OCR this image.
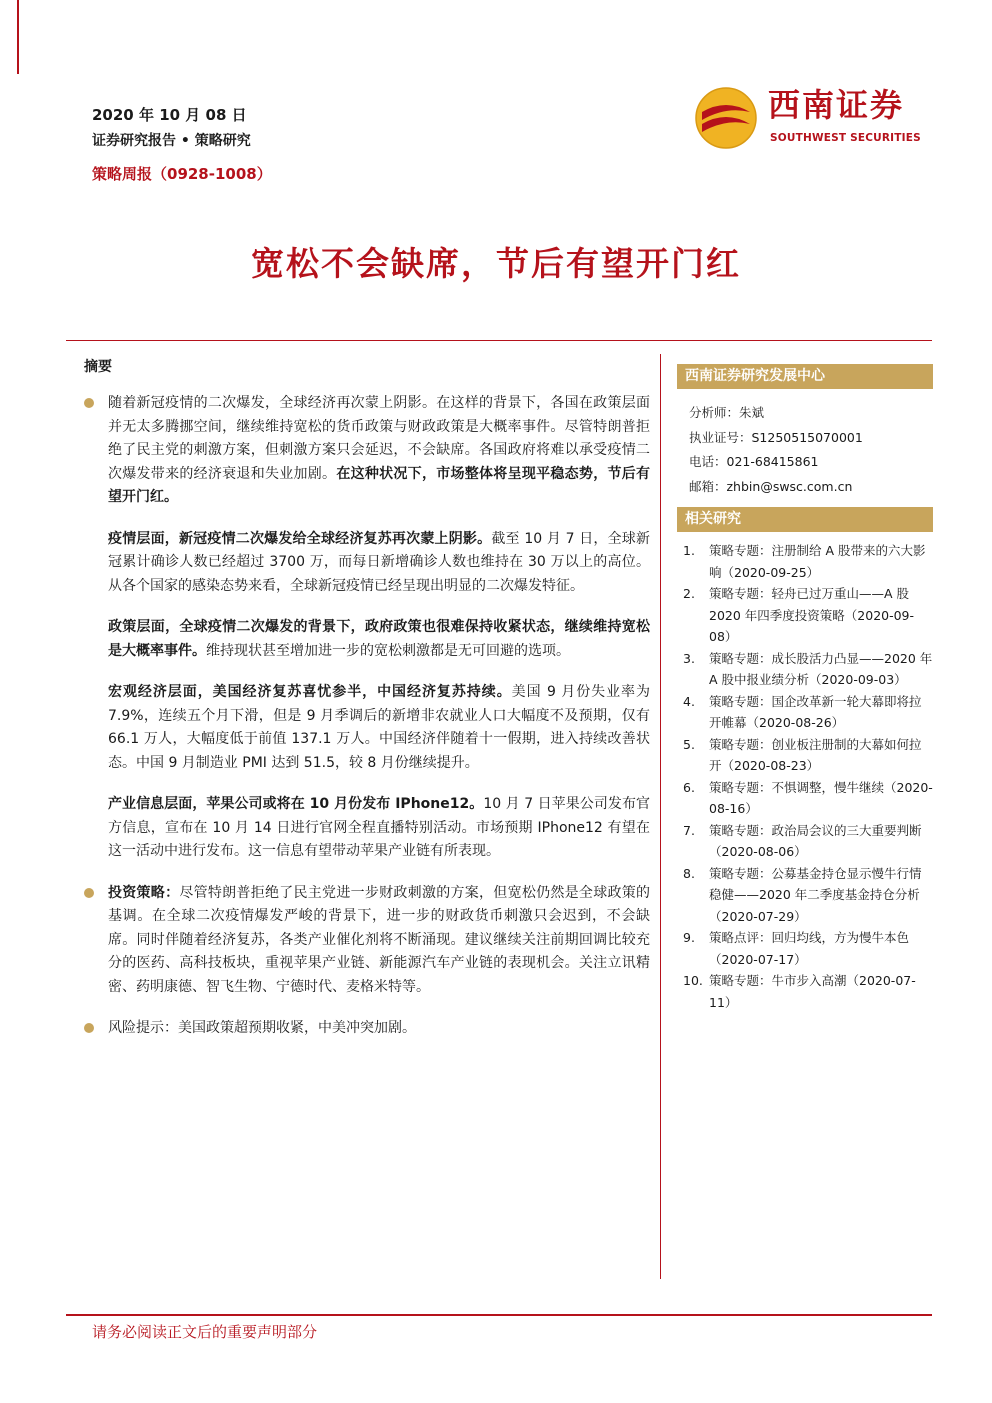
2020 年 10 月 08 日
证券研究报告 • 策略研究
策略周报（0928-1008）
西南证券
SOUTHWEST SECURITIES
宽松不会缺席，节后有望开门红
摘要
随着新冠疫情的二次爆发，全球经济再次蒙上阴影。在这样的背景下，各国在政策层面并无太多腾挪空间，继续维持宽松的货币政策与财政政策是大概率事件。尽管特朗普拒绝了民主党的刺激方案，但刺激方案只会延迟，不会缺席。各国政府将难以承受疫情二次爆发带来的经济衰退和失业加剧。在这种状况下，市场整体将呈现平稳态势，节后有望开门红。
疫情层面，新冠疫情二次爆发给全球经济复苏再次蒙上阴影。截至 10 月 7 日，全球新冠累计确诊人数已经超过 3700 万，而每日新增确诊人数也维持在 30 万以上的高位。从各个国家的感染态势来看，全球新冠疫情已经呈现出明显的二次爆发特征。
政策层面，全球疫情二次爆发的背景下，政府政策也很难保持收紧状态，继续维持宽松是大概率事件。维持现状甚至增加进一步的宽松刺激都是无可回避的选项。
宏观经济层面，美国经济复苏喜忧参半，中国经济复苏持续。美国 9 月份失业率为 7.9%，连续五个月下滑，但是 9 月季调后的新增非农就业人口大幅度不及预期，仅有 66.1 万人，大幅度低于前值 137.1 万人。中国经济伴随着十一假期，进入持续改善状态。中国 9 月制造业 PMI 达到 51.5，较 8 月份继续提升。
产业信息层面，苹果公司或将在 10 月份发布 IPhone12。10 月 7 日苹果公司发布官方信息，宣布在 10 月 14 日进行官网全程直播特别活动。市场预期 IPhone12 有望在这一活动中进行发布。这一信息有望带动苹果产业链有所表现。
投资策略：尽管特朗普拒绝了民主党进一步财政刺激的方案，但宽松仍然是全球政策的基调。在全球二次疫情爆发严峻的背景下，进一步的财政货币刺激只会迟到，不会缺席。同时伴随着经济复苏，各类产业催化剂将不断涌现。建议继续关注前期回调比较充分的医药、高科技板块，重视苹果产业链、新能源汽车产业链的表现机会。关注立讯精密、药明康德、智飞生物、宁德时代、麦格米特等。
风险提示：美国政策超预期收紧，中美冲突加剧。
西南证券研究发展中心
分析师：朱斌
执业证号：S1250515070001
电话：021-68415861
邮箱：zhbin@swsc.com.cn
相关研究
1. 策略专题：注册制给 A 股带来的六大影响（2020-09-25）
2. 策略专题：轻舟已过万重山——A 股 2020 年四季度投资策略（2020-09-08）
3. 策略专题：成长股活力凸显——2020 年 A 股中报业绩分析（2020-09-03）
4. 策略专题：国企改革新一轮大幕即将拉开帷幕（2020-08-26）
5. 策略专题：创业板注册制的大幕如何拉开（2020-08-23）
6. 策略专题：不惧调整，慢牛继续（2020-08-16）
7. 策略专题：政治局会议的三大重要判断（2020-08-06）
8. 策略专题：公募基金持仓显示慢牛行情稳健——2020 年二季度基金持仓分析（2020-07-29）
9. 策略点评：回归均线，方为慢牛本色（2020-07-17）
10. 策略专题：牛市步入高潮（2020-07-11）
请务必阅读正文后的重要声明部分
